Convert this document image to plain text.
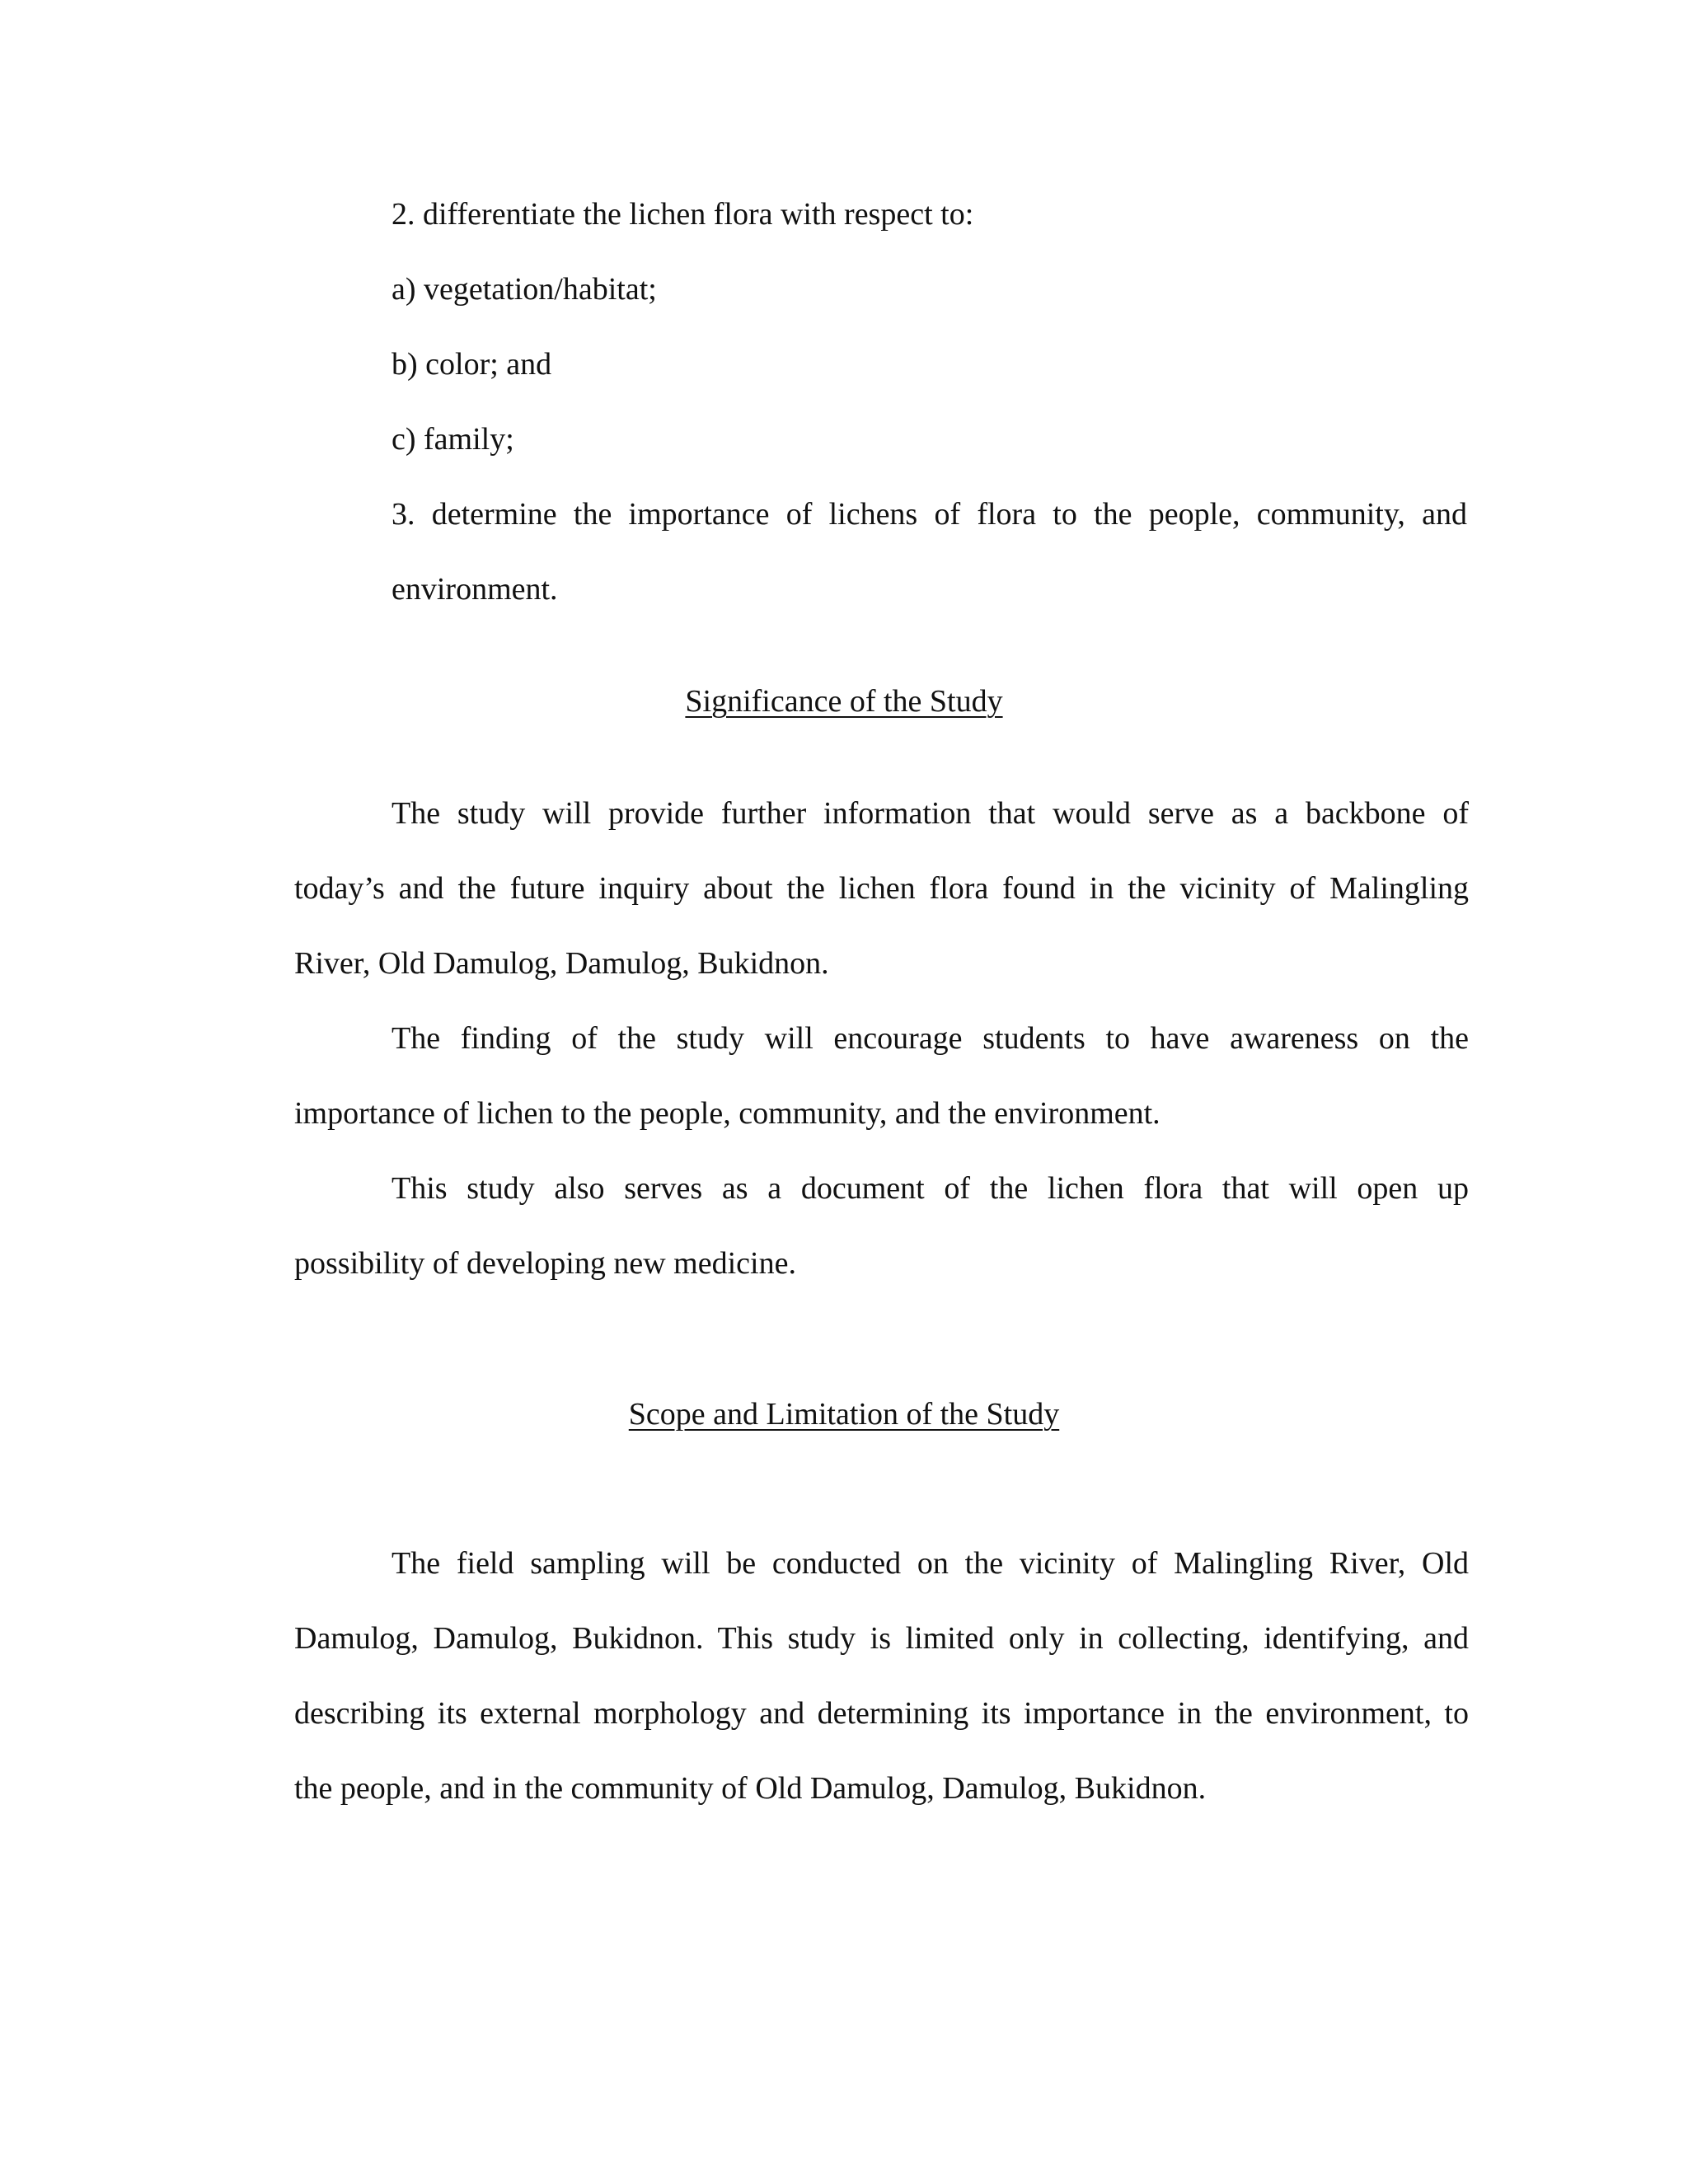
2. differentiate the lichen flora with respect to:

a) vegetation/habitat;

b) color; and

c) family;

3. determine the importance of lichens of flora to the people, community, and

environment.

Significance of the Study

The study will provide further information that would serve as a backbone of

today’s and the future inquiry about the lichen flora found in the vicinity of Malingling

River, Old Damulog, Damulog, Bukidnon.

The finding of the study will encourage students to have awareness on the

importance of lichen to the people, community, and the environment.

This study also serves as a document of the lichen flora that will open up

possibility of developing new medicine.

Scope and Limitation of the Study

The field sampling will be conducted on the vicinity of Malingling River, Old

Damulog, Damulog, Bukidnon. This study is limited only in collecting, identifying, and

describing its external morphology and determining its importance in the environment, to

the people, and in the community of Old Damulog, Damulog, Bukidnon.
